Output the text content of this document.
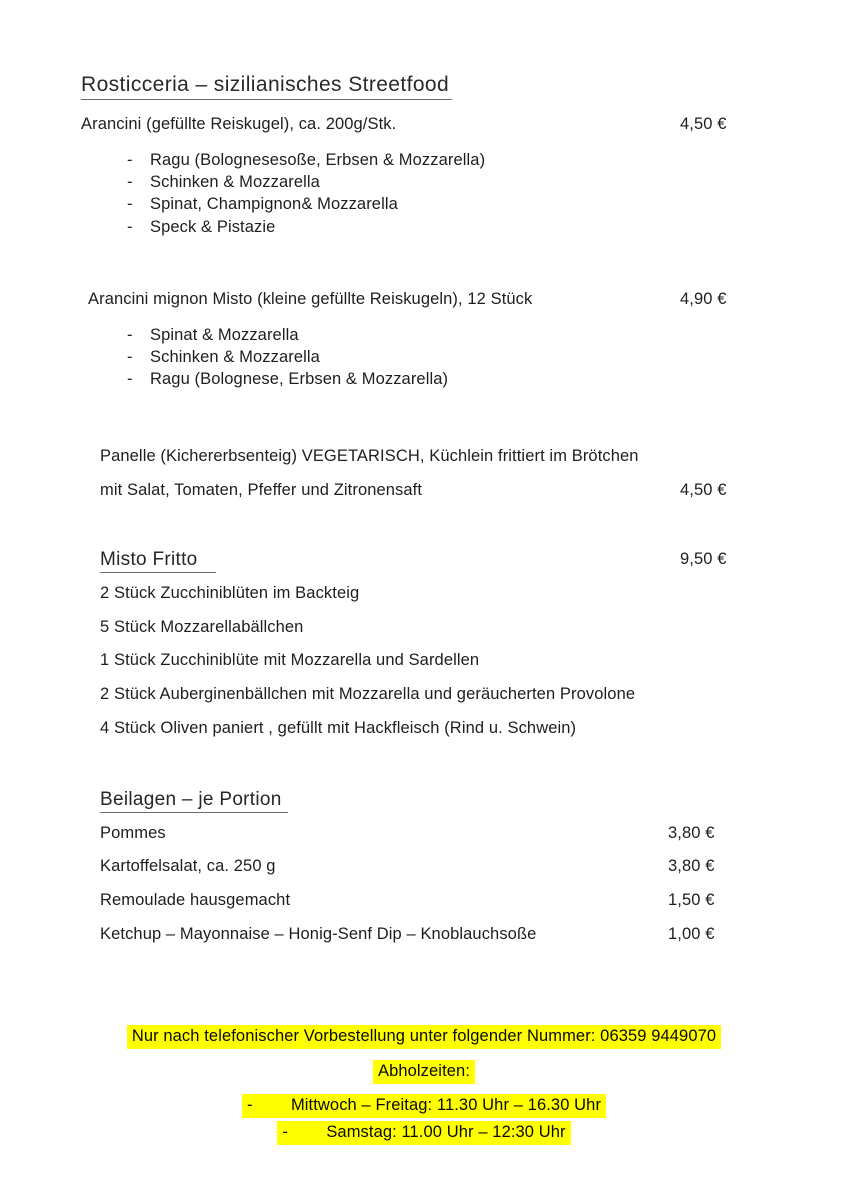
Rosticceria – sizilianisches Streetfood
Arancini (gefüllte Reiskugel), ca. 200g/Stk.	4,50 €
- Ragu (Bolognesesoße, Erbsen & Mozzarella)
- Schinken & Mozzarella
- Spinat, Champignon& Mozzarella
- Speck & Pistazie
Arancini mignon Misto (kleine gefüllte Reiskugeln), 12 Stück	4,90 €
- Spinat & Mozzarella
- Schinken & Mozzarella
- Ragu (Bolognese, Erbsen & Mozzarella)
Panelle (Kichererbsenteig) VEGETARISCH, Küchlein frittiert im Brötchen
mit Salat, Tomaten, Pfeffer und Zitronensaft	4,50 €
Misto Fritto	9,50 €
2 Stück Zucchiniblüten im Backteig
5 Stück Mozzarellabällchen
1 Stück Zucchiniblüte mit Mozzarella und Sardellen
2 Stück Auberginenbällchen mit Mozzarella und geräucherten Provolone
4 Stück Oliven paniert , gefüllt mit Hackfleisch (Rind u. Schwein)
Beilagen – je Portion
Pommes	3,80 €
Kartoffelsalat, ca. 250 g	3,80 €
Remoulade hausgemacht	1,50 €
Ketchup – Mayonnaise – Honig-Senf Dip – Knoblauchsoße	1,00 €
Nur nach telefonischer Vorbestellung unter folgender Nummer: 06359 9449070
Abholzeiten:
- Mittwoch – Freitag: 11.30 Uhr – 16.30 Uhr
- Samstag: 11.00 Uhr – 12:30 Uhr
